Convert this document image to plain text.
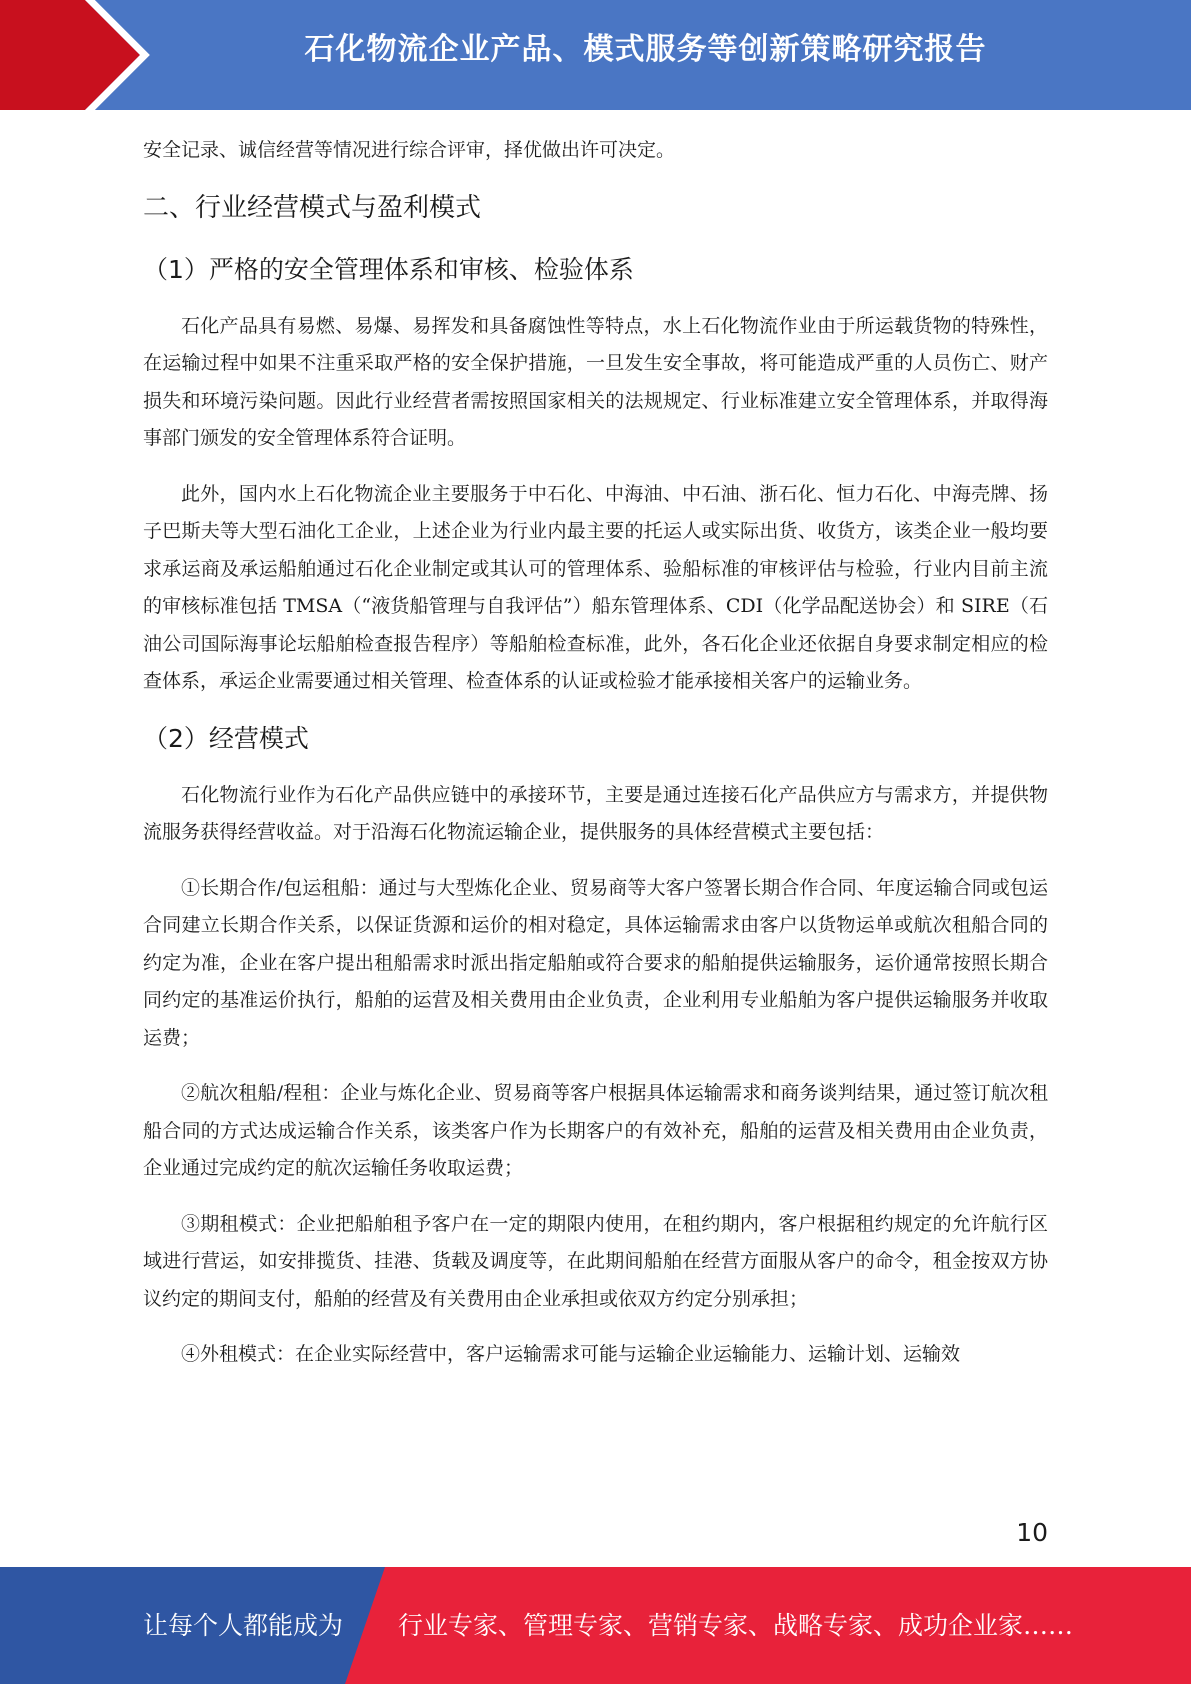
石化物流企业产品、模式服务等创新策略研究报告

安全记录、诚信经营等情况进行综合评审，择优做出许可决定。

二、行业经营模式与盈利模式
（1）严格的安全管理体系和审核、检验体系

石化产品具有易燃、易爆、易挥发和具备腐蚀性等特点，水上石化物流作业由于所运载货物的特殊性，在运输过程中如果不注重采取严格的安全保护措施，一旦发生安全事故，将可能造成严重的人员伤亡、财产损失和环境污染问题。因此行业经营者需按照国家相关的法规规定、行业标准建立安全管理体系，并取得海事部门颁发的安全管理体系符合证明。

此外，国内水上石化物流企业主要服务于中石化、中海油、中石油、浙石化、恒力石化、中海壳牌、扬子巴斯夫等大型石油化工企业，上述企业为行业内最主要的托运人或实际出货、收货方，该类企业一般均要求承运商及承运船舶通过石化企业制定或其认可的管理体系、验船标准的审核评估与检验，行业内目前主流的审核标准包括 TMSA（“液货船管理与自我评估”）船东管理体系、CDI（化学品配送协会）和 SIRE（石油公司国际海事论坛船舶检查报告程序）等船舶检查标准，此外，各石化企业还依据自身要求制定相应的检查体系，承运企业需要通过相关管理、检查体系的认证或检验才能承接相关客户的运输业务。

（2）经营模式

石化物流行业作为石化产品供应链中的承接环节，主要是通过连接石化产品供应方与需求方，并提供物流服务获得经营收益。对于沿海石化物流运输企业，提供服务的具体经营模式主要包括：

①长期合作/包运租船：通过与大型炼化企业、贸易商等大客户签署长期合作合同、年度运输合同或包运合同建立长期合作关系，以保证货源和运价的相对稳定，具体运输需求由客户以货物运单或航次租船合同的约定为准，企业在客户提出租船需求时派出指定船舶或符合要求的船舶提供运输服务，运价通常按照长期合同约定的基准运价执行，船舶的运营及相关费用由企业负责，企业利用专业船舶为客户提供运输服务并收取运费；

②航次租船/程租：企业与炼化企业、贸易商等客户根据具体运输需求和商务谈判结果，通过签订航次租船合同的方式达成运输合作关系，该类客户作为长期客户的有效补充，船舶的运营及相关费用由企业负责，企业通过完成约定的航次运输任务收取运费；

③期租模式：企业把船舶租予客户在一定的期限内使用，在租约期内，客户根据租约规定的允许航行区域进行营运，如安排揽货、挂港、货载及调度等，在此期间船舶在经营方面服从客户的命令，租金按双方协议约定的期间支付，船舶的经营及有关费用由企业承担或依双方约定分别承担；

④外租模式：在企业实际经营中，客户运输需求可能与运输企业运输能力、运输计划、运输效

10
让每个人都能成为 行业专家、管理专家、营销专家、战略专家、成功企业家……
